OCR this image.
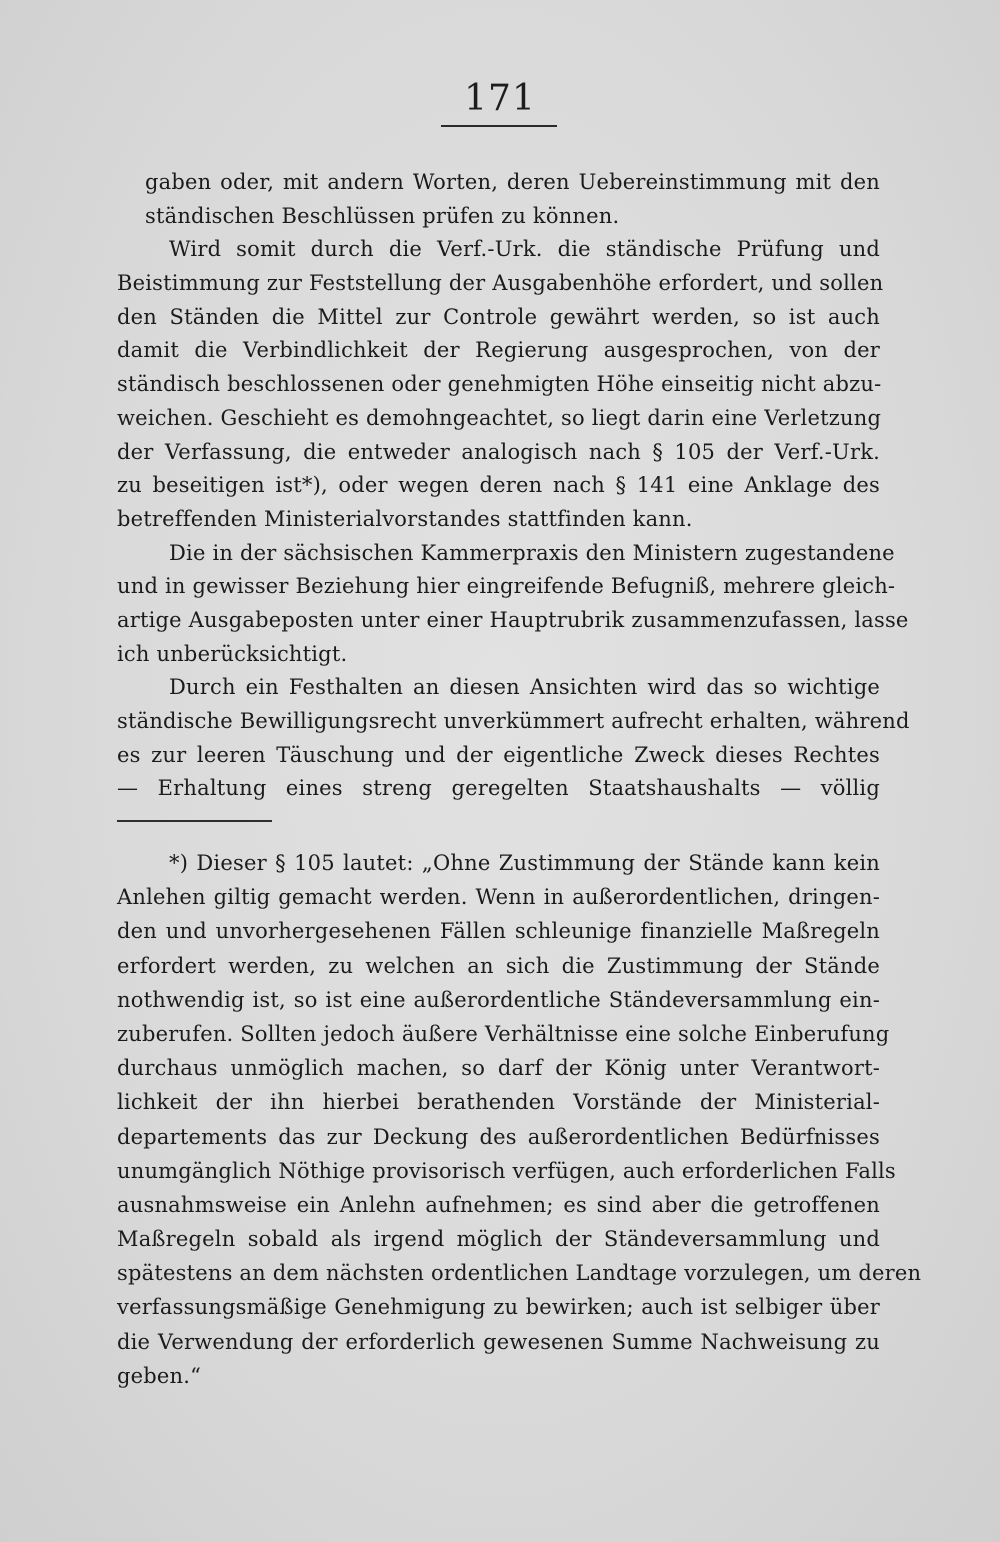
171
gaben oder, mit andern Worten, deren Uebereinstimmung mit den
ständischen Beschlüssen prüfen zu können.
Wird somit durch die Verf.-Urk. die ständische Prüfung und
Beistimmung zur Feststellung der Ausgabenhöhe erfordert, und sollen
den Ständen die Mittel zur Controle gewährt werden, so ist auch
damit die Verbindlichkeit der Regierung ausgesprochen, von der
ständisch beschlossenen oder genehmigten Höhe einseitig nicht abzu-
weichen. Geschieht es demohngeachtet, so liegt darin eine Verletzung
der Verfassung, die entweder analogisch nach § 105 der Verf.-Urk.
zu beseitigen ist*), oder wegen deren nach § 141 eine Anklage des
betreffenden Ministerialvorstandes stattfinden kann.
Die in der sächsischen Kammerpraxis den Ministern zugestandene
und in gewisser Beziehung hier eingreifende Befugniß, mehrere gleich-
artige Ausgabeposten unter einer Hauptrubrik zusammenzufassen, lasse
ich unberücksichtigt.
Durch ein Festhalten an diesen Ansichten wird das so wichtige
ständische Bewilligungsrecht unverkümmert aufrecht erhalten, während
es zur leeren Täuschung und der eigentliche Zweck dieses Rechtes
— Erhaltung eines streng geregelten Staatshaushalts — völlig
*) Dieser § 105 lautet: „Ohne Zustimmung der Stände kann kein
Anlehen giltig gemacht werden. Wenn in außerordentlichen, dringen-
den und unvorhergesehenen Fällen schleunige finanzielle Maßregeln
erfordert werden, zu welchen an sich die Zustimmung der Stände
nothwendig ist, so ist eine außerordentliche Ständeversammlung ein-
zuberufen. Sollten jedoch äußere Verhältnisse eine solche Einberufung
durchaus unmöglich machen, so darf der König unter Verantwort-
lichkeit der ihn hierbei berathenden Vorstände der Ministerial-
departements das zur Deckung des außerordentlichen Bedürfnisses
unumgänglich Nöthige provisorisch verfügen, auch erforderlichen Falls
ausnahmsweise ein Anlehn aufnehmen; es sind aber die getroffenen
Maßregeln sobald als irgend möglich der Ständeversammlung und
spätestens an dem nächsten ordentlichen Landtage vorzulegen, um deren
verfassungsmäßige Genehmigung zu bewirken; auch ist selbiger über
die Verwendung der erforderlich gewesenen Summe Nachweisung zu
geben.“
